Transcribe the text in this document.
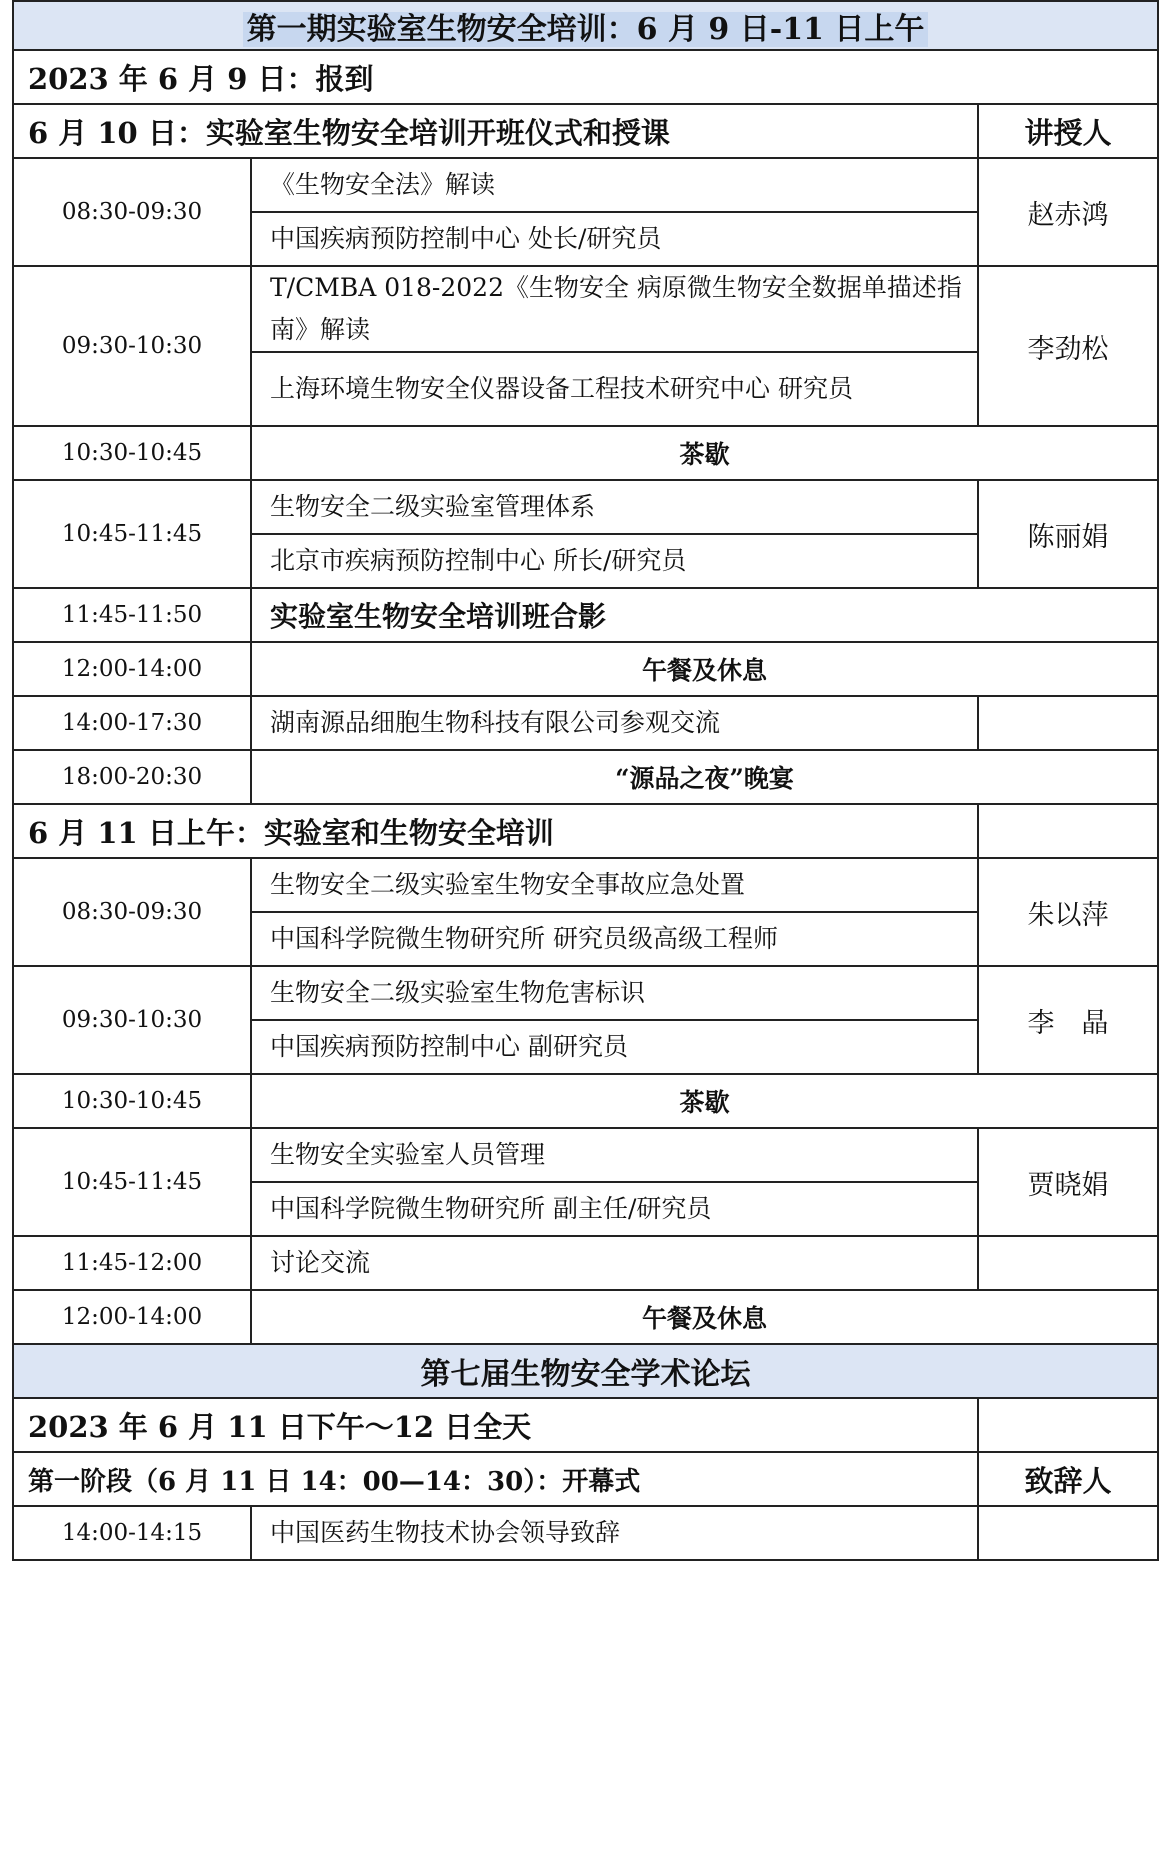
第一期实验室生物安全培训：6 月 9 日-11 日上午		
2023 年 6 月 9 日：报到		
6 月 10 日：实验室生物安全培训开班仪式和授课		讲授人
08:30-09:30	《生物安全法》解读	赵赤鸿
	中国疾病预防控制中心 处长/研究员	
09:30-10:30	T/CMBA 018-2022《生物安全 病原微生物安全数据单描述指南》解读	李劲松
	上海环境生物安全仪器设备工程技术研究中心 研究员	
10:30-10:45	茶歇	
10:45-11:45	生物安全二级实验室管理体系	陈丽娟
	北京市疾病预防控制中心 所长/研究员	
11:45-11:50	实验室生物安全培训班合影	
12:00-14:00	午餐及休息	
14:00-17:30	湖南源品细胞生物科技有限公司参观交流	
18:00-20:30	“源品之夜”晚宴	
6 月 11 日上午：实验室和生物安全培训		
08:30-09:30	生物安全二级实验室生物安全事故应急处置	朱以萍
	中国科学院微生物研究所 研究员级高级工程师	
09:30-10:30	生物安全二级实验室生物危害标识	李　晶
	中国疾病预防控制中心 副研究员	
10:30-10:45	茶歇	
10:45-11:45	生物安全实验室人员管理	贾晓娟
	中国科学院微生物研究所 副主任/研究员	
11:45-12:00	讨论交流	
12:00-14:00	午餐及休息	
第七届生物安全学术论坛		
2023 年 6 月 11 日下午～12 日全天		
第一阶段（6 月 11 日 14：00—14：30）：开幕式		致辞人
14:00-14:15	中国医药生物技术协会领导致辞	
